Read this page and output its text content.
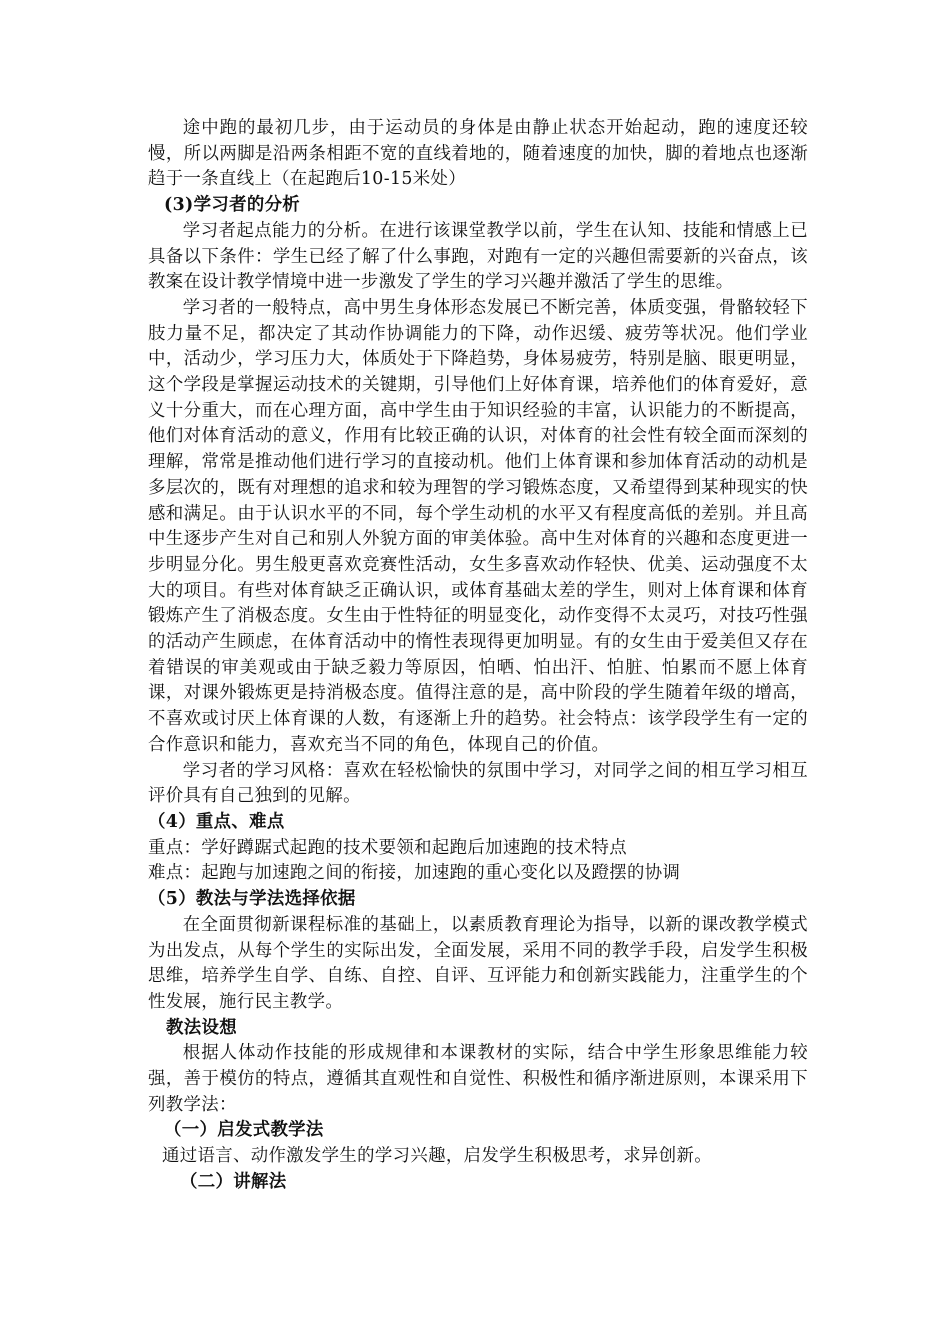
途中跑的最初几步，由于运动员的身体是由静止状态开始起动，跑的速度还较慢，所以两脚是沿两条相距不宽的直线着地的，随着速度的加快，脚的着地点也逐渐趋于一条直线上（在起跑后10-15米处）

(3)学习者的分析

学习者起点能力的分析。在进行该课堂教学以前，学生在认知、技能和情感上已具备以下条件：学生已经了解了什么事跑，对跑有一定的兴趣但需要新的兴奋点，该教案在设计教学情境中进一步激发了学生的学习兴趣并激活了学生的思维。

学习者的一般特点，高中男生身体形态发展已不断完善，体质变强，骨骼较轻下肢力量不足，都决定了其动作协调能力的下降，动作迟缓、疲劳等状况。他们学业中，活动少，学习压力大，体质处于下降趋势，身体易疲劳，特别是脑、眼更明显，这个学段是掌握运动技术的关键期，引导他们上好体育课，培养他们的体育爱好，意义十分重大，而在心理方面，高中学生由于知识经验的丰富，认识能力的不断提高，他们对体育活动的意义，作用有比较正确的认识，对体育的社会性有较全面而深刻的理解，常常是推动他们进行学习的直接动机。他们上体育课和参加体育活动的动机是多层次的，既有对理想的追求和较为理智的学习锻炼态度，又希望得到某种现实的快感和满足。由于认识水平的不同，每个学生动机的水平又有程度高低的差别。并且高中生逐步产生对自己和别人外貌方面的审美体验。高中生对体育的兴趣和态度更进一步明显分化。男生般更喜欢竞赛性活动，女生多喜欢动作轻快、优美、运动强度不太大的项目。有些对体育缺乏正确认识，或体育基础太差的学生，则对上体育课和体育锻炼产生了消极态度。女生由于性特征的明显变化，动作变得不太灵巧，对技巧性强的活动产生顾虑，在体育活动中的惰性表现得更加明显。有的女生由于爱美但又存在着错误的审美观或由于缺乏毅力等原因，怕晒、怕出汗、怕脏、怕累而不愿上体育课，对课外锻炼更是持消极态度。值得注意的是，高中阶段的学生随着年级的增高，不喜欢或讨厌上体育课的人数，有逐渐上升的趋势。社会特点：该学段学生有一定的合作意识和能力，喜欢充当不同的角色，体现自己的价值。

学习者的学习风格：喜欢在轻松愉快的氛围中学习，对同学之间的相互学习相互评价具有自己独到的见解。

（4）重点、难点

重点：学好蹲踞式起跑的技术要领和起跑后加速跑的技术特点

难点：起跑与加速跑之间的衔接，加速跑的重心变化以及蹬摆的协调

（5）教法与学法选择依据

在全面贯彻新课程标准的基础上，以素质教育理论为指导，以新的课改教学模式为出发点，从每个学生的实际出发，全面发展，采用不同的教学手段，启发学生积极思维，培养学生自学、自练、自控、自评、互评能力和创新实践能力，注重学生的个性发展，施行民主教学。

教法设想

根据人体动作技能的形成规律和本课教材的实际，结合中学生形象思维能力较强，善于模仿的特点，遵循其直观性和自觉性、积极性和循序渐进原则，本课采用下列教学法：

（一）启发式教学法

通过语言、动作激发学生的学习兴趣，启发学生积极思考，求异创新。

（二）讲解法
